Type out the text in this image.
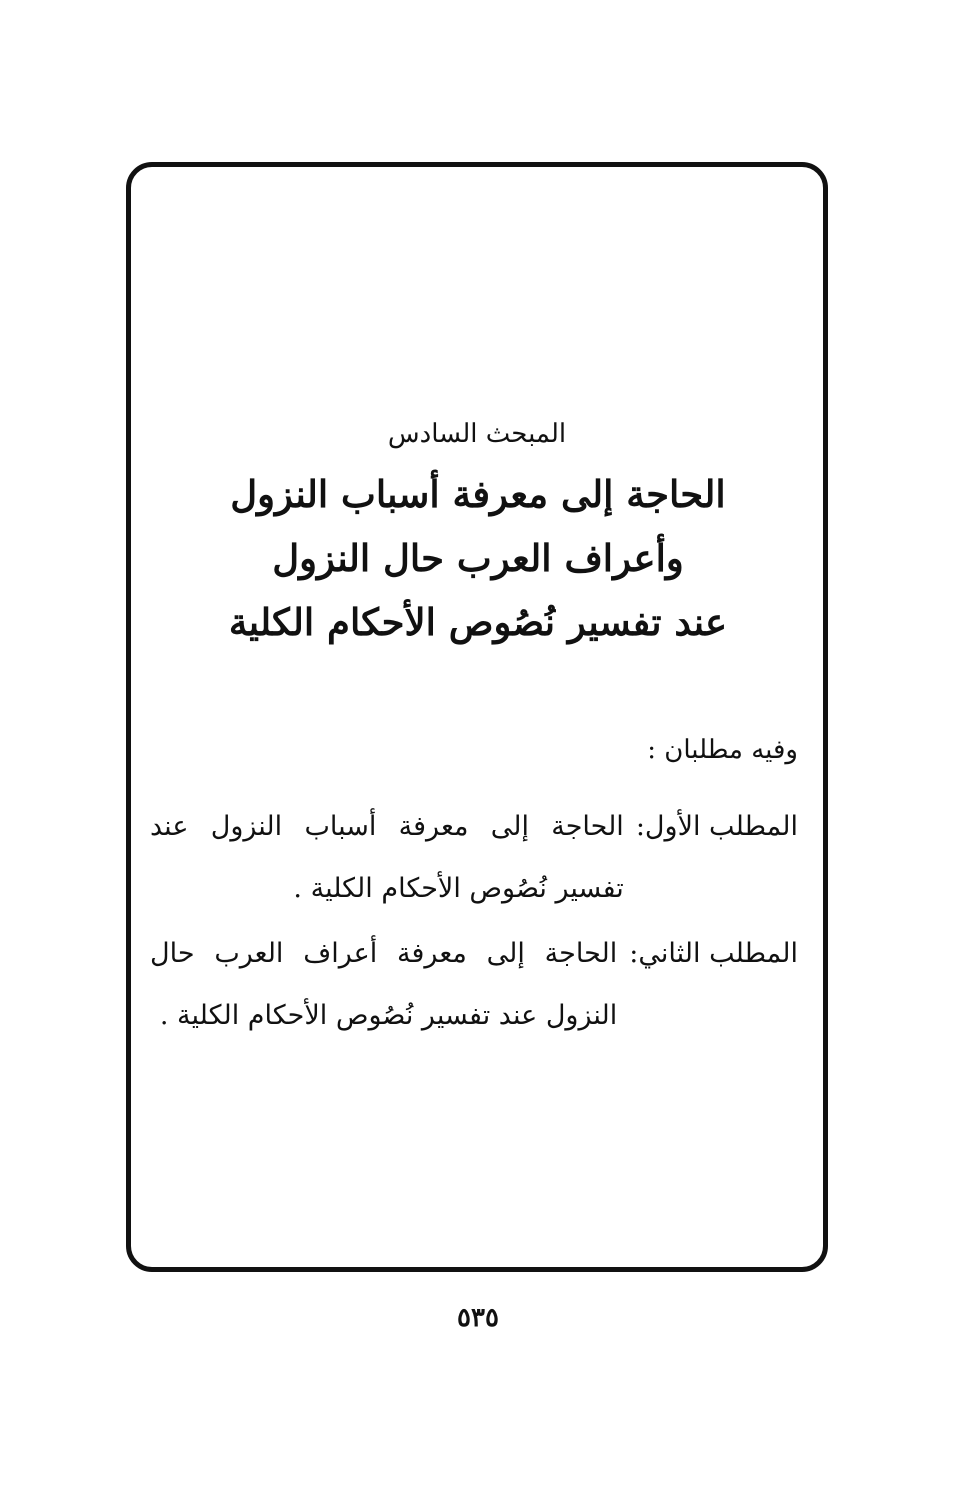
المبحث السادس

الحاجة إلى معرفة أسباب النزول
وأعراف العرب حال النزول
عند تفسير نُصُوص الأحكام الكلية

وفيه مطلبان :

المطلب الأول
:
الحاجة إلى معرفة أسباب النزول عند تفسير نُصُوص الأحكام الكلية .
المطلب الثاني
:
الحاجة إلى معرفة أعراف العرب حال النزول عند تفسير نُصُوص الأحكام الكلية .

٥٣٥
